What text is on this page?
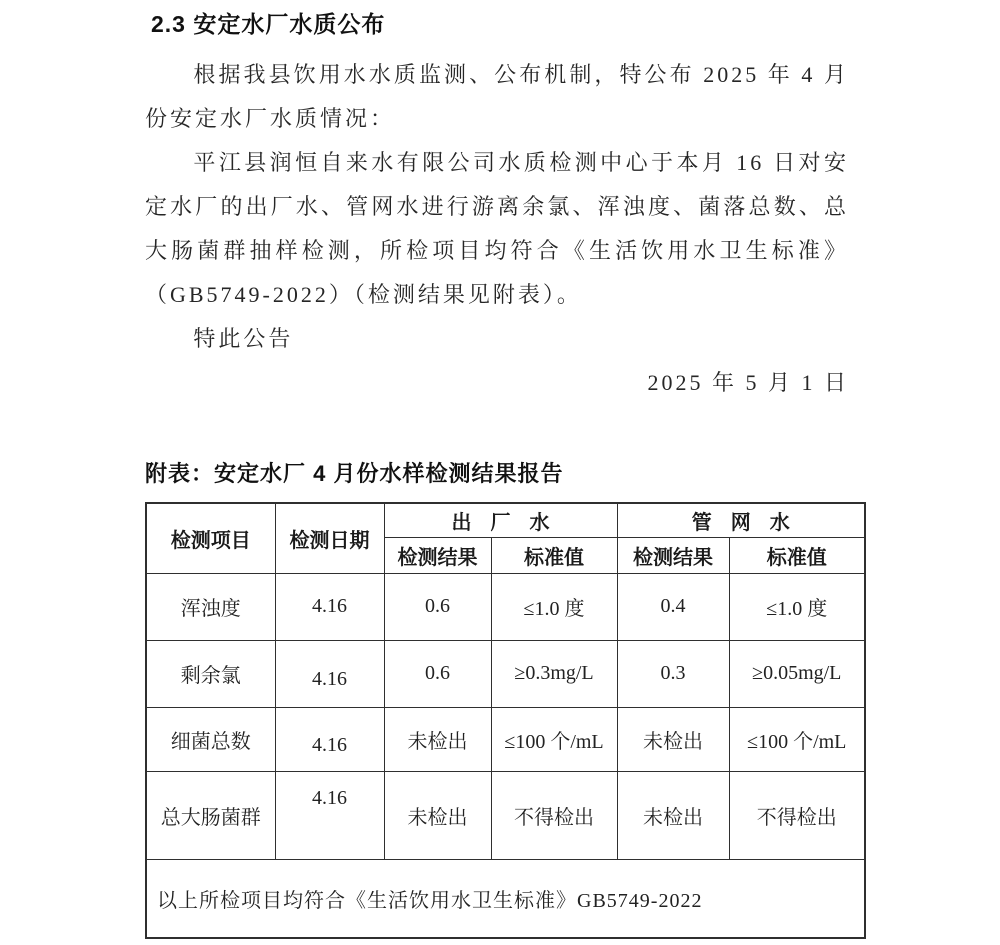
2.3 安定水厂水质公布

根据我县饮用水水质监测、公布机制，特公布 2025 年 4 月份安定水厂水质情况：

平江县润恒自来水有限公司水质检测中心于本月 16 日对安定水厂的出厂水、管网水进行游离余氯、浑浊度、菌落总数、总大肠菌群抽样检测，所检项目均符合《生活饮用水卫生标准》（GB5749-2022）（检测结果见附表）。

特此公告

2025 年 5 月 1 日

附表：安定水厂 4 月份水样检测结果报告
检测项目	检测日期	出厂水		管网水	
		检测结果	标准值	检测结果	标准值
浑浊度	4.16	0.6	≤1.0 度	0.4	≤1.0 度
剩余氯	4.16	0.6	≥0.3mg/L	0.3	≥0.05mg/L
细菌总数	4.16	未检出	≤100 个/mL	未检出	≤100 个/mL
总大肠菌群	4.16	未检出	不得检出	未检出	不得检出
以上所检项目均符合《生活饮用水卫生标准》GB5749-2022					
